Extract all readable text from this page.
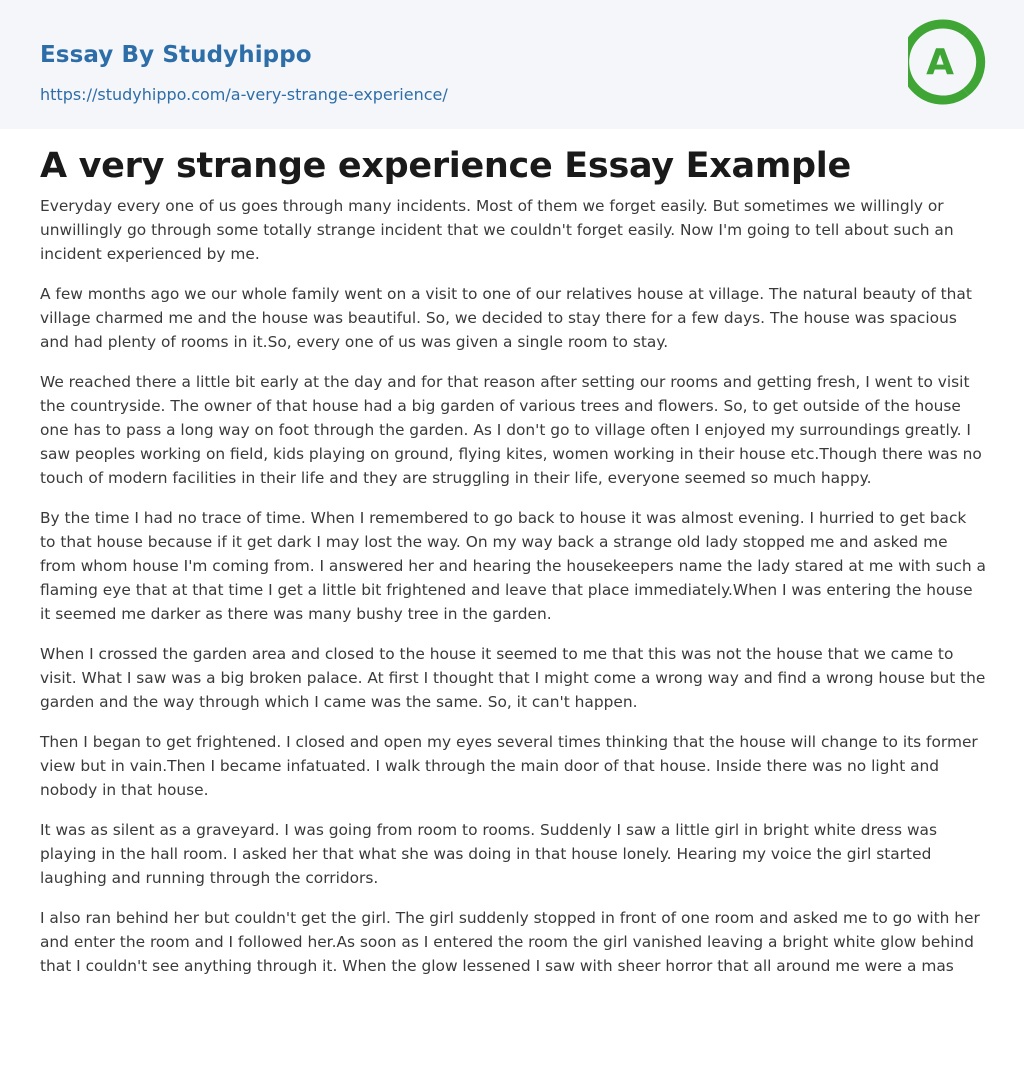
Essay By Studyhippo
https://studyhippo.com/a-very-strange-experience/
A
A very strange experience Essay Example

Everyday every one of us goes through many incidents. Most of them we forget easily. But sometimes we willingly or unwillingly go through some totally strange incident that we couldn't forget easily. Now I'm going to tell about such an incident experienced by me.

A few months ago we our whole family went on a visit to one of our relatives house at village. The natural beauty of that village charmed me and the house was beautiful. So, we decided to stay there for a few days. The house was spacious and had plenty of rooms in it.So, every one of us was given a single room to stay.

We reached there a little bit early at the day and for that reason after setting our rooms and getting fresh, I went to visit the countryside. The owner of that house had a big garden of various trees and flowers. So, to get outside of the house one has to pass a long way on foot through the garden. As I don't go to village often I enjoyed my surroundings greatly. I saw peoples working on field, kids playing on ground, flying kites, women working in their house etc.Though there was no touch of modern facilities in their life and they are struggling in their life, everyone seemed so much happy.

By the time I had no trace of time. When I remembered to go back to house it was almost evening. I hurried to get back to that house because if it get dark I may lost the way. On my way back a strange old lady stopped me and asked me from whom house I'm coming from. I answered her and hearing the housekeepers name the lady stared at me with such a flaming eye that at that time I get a little bit frightened and leave that place immediately.When I was entering the house it seemed me darker as there was many bushy tree in the garden.

When I crossed the garden area and closed to the house it seemed to me that this was not the house that we came to visit. What I saw was a big broken palace. At first I thought that I might come a wrong way and find a wrong house but the garden and the way through which I came was the same. So, it can't happen.

Then I began to get frightened. I closed and open my eyes several times thinking that the house will change to its former view but in vain.Then I became infatuated. I walk through the main door of that house. Inside there was no light and nobody in that house.

It was as silent as a graveyard. I was going from room to rooms. Suddenly I saw a little girl in bright white dress was playing in the hall room. I asked her that what she was doing in that house lonely. Hearing my voice the girl started laughing and running through the corridors.

I also ran behind her but couldn't get the girl. The girl suddenly stopped in front of one room and asked me to go with her and enter the room and I followed her.As soon as I entered the room the girl vanished leaving a bright white glow behind that I couldn't see anything through it. When the glow lessened I saw with sheer horror that all around me were a mas
